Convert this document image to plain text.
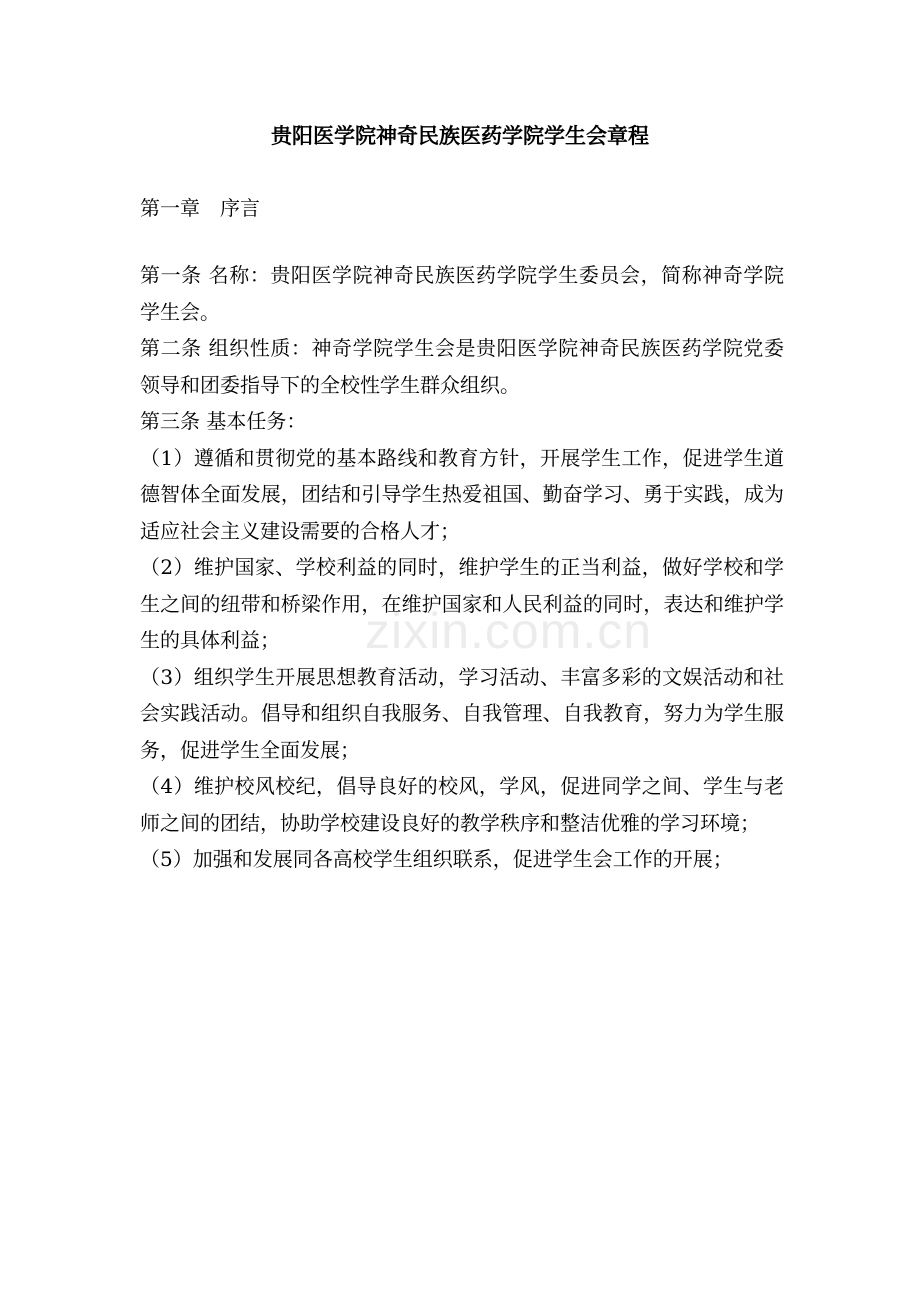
贵阳医学院神奇民族医药学院学生会章程
第一章　序言

第一条 名称：贵阳医学院神奇民族医药学院学生委员会，简称神奇学院学生会。

第二条 组织性质：神奇学院学生会是贵阳医学院神奇民族医药学院党委领导和团委指导下的全校性学生群众组织。

第三条 基本任务：

（1）遵循和贯彻党的基本路线和教育方针，开展学生工作，促进学生道德智体全面发展，团结和引导学生热爱祖国、勤奋学习、勇于实践，成为适应社会主义建设需要的合格人才；

（2）维护国家、学校利益的同时，维护学生的正当利益，做好学校和学生之间的纽带和桥梁作用，在维护国家和人民利益的同时，表达和维护学生的具体利益；

（3）组织学生开展思想教育活动，学习活动、丰富多彩的文娱活动和社会实践活动。倡导和组织自我服务、自我管理、自我教育，努力为学生服务，促进学生全面发展；

（4）维护校风校纪，倡导良好的校风，学风，促进同学之间、学生与老师之间的团结，协助学校建设良好的教学秩序和整洁优雅的学习环境；

（5）加强和发展同各高校学生组织联系，促进学生会工作的开展；

zixin.com.cn
